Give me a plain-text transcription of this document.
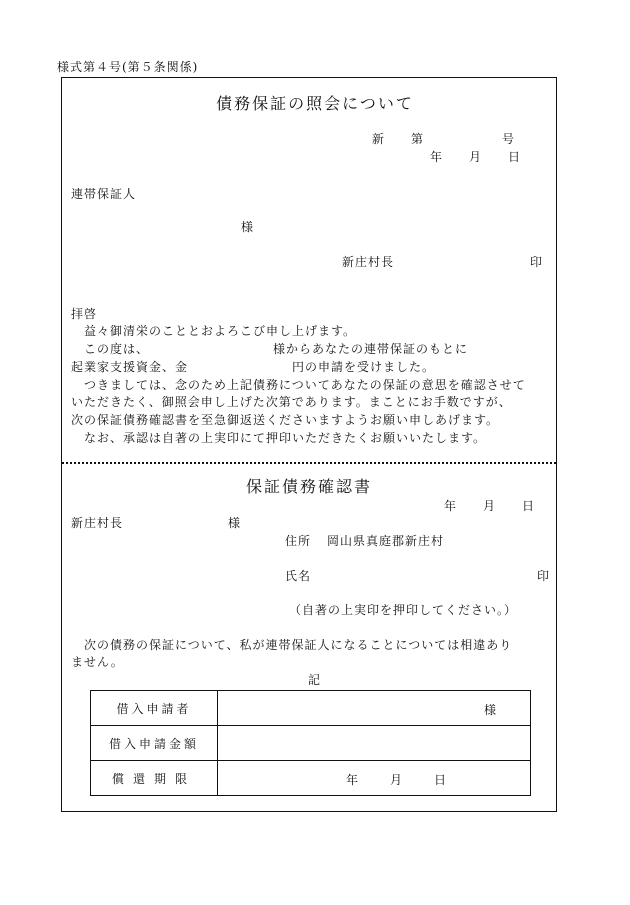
様式第４号(第５条関係)
債務保証の照会について
新　　第　　　　　　号
年　　月　　日
連帯保証人
様
新庄村長	印
拝啓
益々御清栄のこととおよろこび申し上げます。
この度は、　　　　　　　　　　様からあなたの連帯保証のもとに
起業家支援資金、金　　　　　　　　円の申請を受けました。
つきましては、念のため上記債務についてあなたの保証の意思を確認させて
いただきたく、御照会申し上げた次第であります。まことにお手数ですが、
次の保証債務確認書を至急御返送くださいますようお願い申しあげます。
なお、承認は自著の上実印にて押印いただきたくお願いいたします。
保証債務確認書
年　　月　　日
新庄村長	様
住所 岡山県真庭郡新庄村
氏名	印
（自著の上実印を押印してください。）
次の債務の保証について、私が連帯保証人になることについては相違あり
ません。
記
借入申請者	様

借入申請金額	
償還期限	年 月 日
